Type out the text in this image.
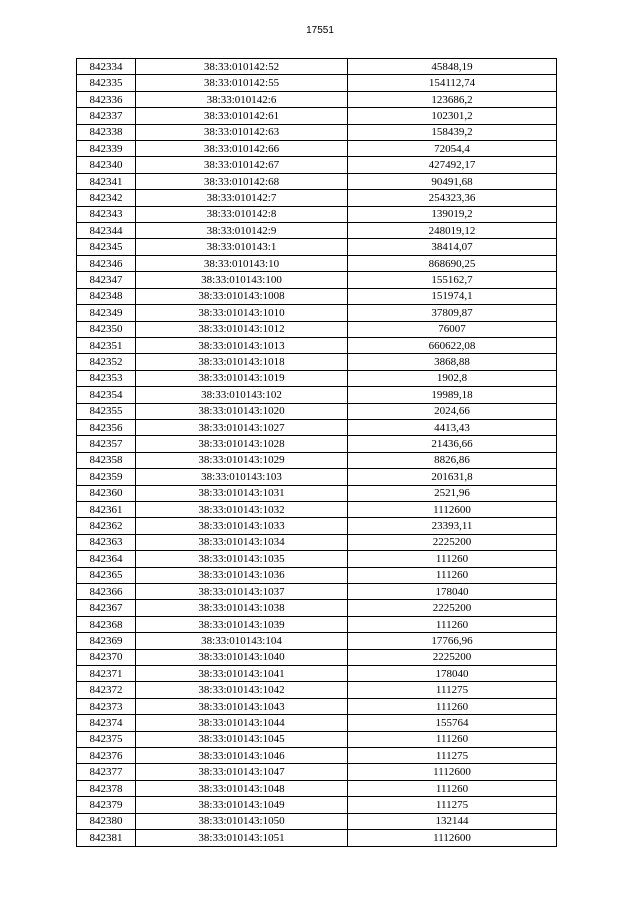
17551
842334	38:33:010142:52	45848,19
842335	38:33:010142:55	154112,74
842336	38:33:010142:6	123686,2
842337	38:33:010142:61	102301,2
842338	38:33:010142:63	158439,2
842339	38:33:010142:66	72054,4
842340	38:33:010142:67	427492,17
842341	38:33:010142:68	90491,68
842342	38:33:010142:7	254323,36
842343	38:33:010142:8	139019,2
842344	38:33:010142:9	248019,12
842345	38:33:010143:1	38414,07
842346	38:33:010143:10	868690,25
842347	38:33:010143:100	155162,7
842348	38:33:010143:1008	151974,1
842349	38:33:010143:1010	37809,87
842350	38:33:010143:1012	76007
842351	38:33:010143:1013	660622,08
842352	38:33:010143:1018	3868,88
842353	38:33:010143:1019	1902,8
842354	38:33:010143:102	19989,18
842355	38:33:010143:1020	2024,66
842356	38:33:010143:1027	4413,43
842357	38:33:010143:1028	21436,66
842358	38:33:010143:1029	8826,86
842359	38:33:010143:103	201631,8
842360	38:33:010143:1031	2521,96
842361	38:33:010143:1032	1112600
842362	38:33:010143:1033	23393,11
842363	38:33:010143:1034	2225200
842364	38:33:010143:1035	111260
842365	38:33:010143:1036	111260
842366	38:33:010143:1037	178040
842367	38:33:010143:1038	2225200
842368	38:33:010143:1039	111260
842369	38:33:010143:104	17766,96
842370	38:33:010143:1040	2225200
842371	38:33:010143:1041	178040
842372	38:33:010143:1042	111275
842373	38:33:010143:1043	111260
842374	38:33:010143:1044	155764
842375	38:33:010143:1045	111260
842376	38:33:010143:1046	111275
842377	38:33:010143:1047	1112600
842378	38:33:010143:1048	111260
842379	38:33:010143:1049	111275
842380	38:33:010143:1050	132144
842381	38:33:010143:1051	1112600
